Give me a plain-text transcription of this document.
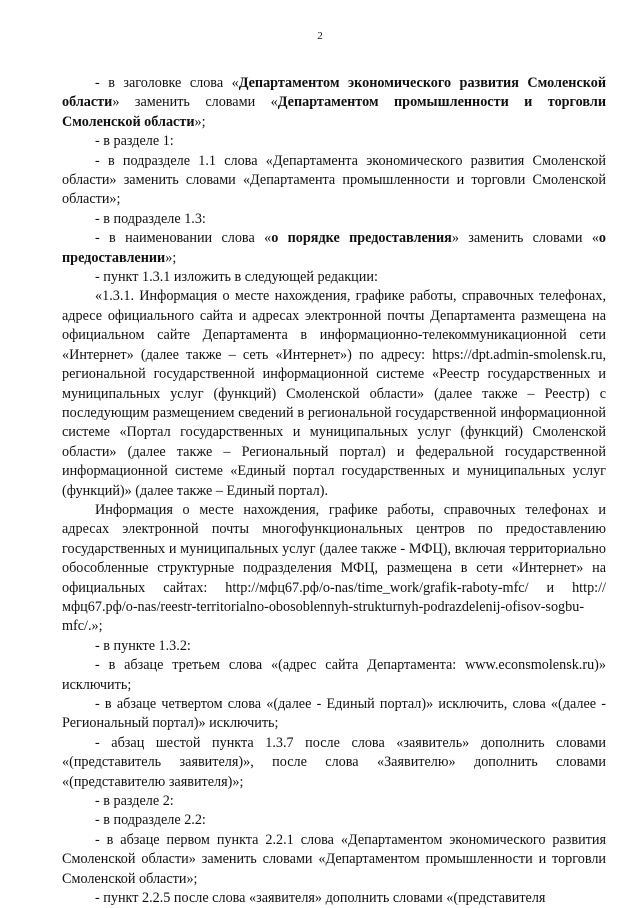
2

- в заголовке слова «Департаментом экономического развития Смоленской области» заменить словами «Департаментом промышленности и торговли Смоленской области»;

- в разделе 1:

- в подразделе 1.1 слова «Департамента экономического развития Смоленской области» заменить словами «Департамента промышленности и торговли Смоленской области»;

- в подразделе 1.3:

- в наименовании слова «о порядке предоставления» заменить словами «о предоставлении»;

- пункт 1.3.1 изложить в следующей редакции:

«1.3.1. Информация о месте нахождения, графике работы, справочных телефонах, адресе официального сайта и адресах электронной почты Департамента размещена на официальном сайте Департамента в информационно-телекоммуникационной сети «Интернет» (далее также – сеть «Интернет») по адресу: https://dpt.admin-smolensk.ru, региональной государственной информационной системе «Реестр государственных и муниципальных услуг (функций) Смоленской области» (далее также – Реестр) с последующим размещением сведений в региональной государственной информационной системе «Портал государственных и муниципальных услуг (функций) Смоленской области» (далее также – Региональный портал) и федеральной государственной информационной системе «Единый портал государственных и муниципальных услуг (функций)» (далее также – Единый портал).

Информация о месте нахождения, графике работы, справочных телефонах и адресах электронной почты многофункциональных центров по предоставлению государственных и муниципальных услуг (далее также - МФЦ), включая территориально обособленные структурные подразделения МФЦ, размещена в сети «Интернет» на официальных сайтах: http://мфц67.рф/o-nas/time_work/grafik-raboty-mfc/ и http://мфц67.рф/o-nas/reestr-territorialno-obosoblennyh-strukturnyh-podrazdelenij-ofisov-sogbu-mfc/.»;

- в пункте 1.3.2:

- в абзаце третьем слова «(адрес сайта Департамента: www.econsmolensk.ru)» исключить;

- в абзаце четвертом слова «(далее - Единый портал)» исключить, слова «(далее - Региональный портал)» исключить;

- абзац шестой пункта 1.3.7 после слова «заявитель» дополнить словами «(представитель заявителя)», после слова «Заявителю» дополнить словами «(представителю заявителя)»;

- в разделе 2:

- в подразделе 2.2:

- в абзаце первом пункта 2.2.1 слова «Департаментом экономического развития Смоленской области» заменить словами «Департаментом промышленности и торговли Смоленской области»;

- пункт 2.2.5 после слова «заявителя» дополнить словами «(представителя
